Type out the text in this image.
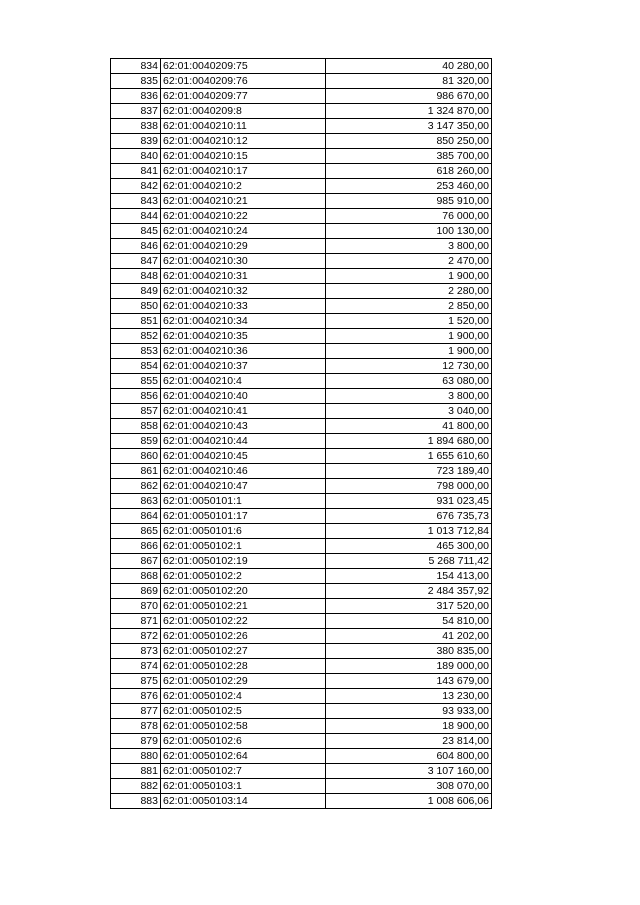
834	62:01:0040209:75	40 280,00
835	62:01:0040209:76	81 320,00
836	62:01:0040209:77	986 670,00
837	62:01:0040209:8	1 324 870,00
838	62:01:0040210:11	3 147 350,00
839	62:01:0040210:12	850 250,00
840	62:01:0040210:15	385 700,00
841	62:01:0040210:17	618 260,00
842	62:01:0040210:2	253 460,00
843	62:01:0040210:21	985 910,00
844	62:01:0040210:22	76 000,00
845	62:01:0040210:24	100 130,00
846	62:01:0040210:29	3 800,00
847	62:01:0040210:30	2 470,00
848	62:01:0040210:31	1 900,00
849	62:01:0040210:32	2 280,00
850	62:01:0040210:33	2 850,00
851	62:01:0040210:34	1 520,00
852	62:01:0040210:35	1 900,00
853	62:01:0040210:36	1 900,00
854	62:01:0040210:37	12 730,00
855	62:01:0040210:4	63 080,00
856	62:01:0040210:40	3 800,00
857	62:01:0040210:41	3 040,00
858	62:01:0040210:43	41 800,00
859	62:01:0040210:44	1 894 680,00
860	62:01:0040210:45	1 655 610,60
861	62:01:0040210:46	723 189,40
862	62:01:0040210:47	798 000,00
863	62:01:0050101:1	931 023,45
864	62:01:0050101:17	676 735,73
865	62:01:0050101:6	1 013 712,84
866	62:01:0050102:1	465 300,00
867	62:01:0050102:19	5 268 711,42
868	62:01:0050102:2	154 413,00
869	62:01:0050102:20	2 484 357,92
870	62:01:0050102:21	317 520,00
871	62:01:0050102:22	54 810,00
872	62:01:0050102:26	41 202,00
873	62:01:0050102:27	380 835,00
874	62:01:0050102:28	189 000,00
875	62:01:0050102:29	143 679,00
876	62:01:0050102:4	13 230,00
877	62:01:0050102:5	93 933,00
878	62:01:0050102:58	18 900,00
879	62:01:0050102:6	23 814,00
880	62:01:0050102:64	604 800,00
881	62:01:0050102:7	3 107 160,00
882	62:01:0050103:1	308 070,00
883	62:01:0050103:14	1 008 606,06
